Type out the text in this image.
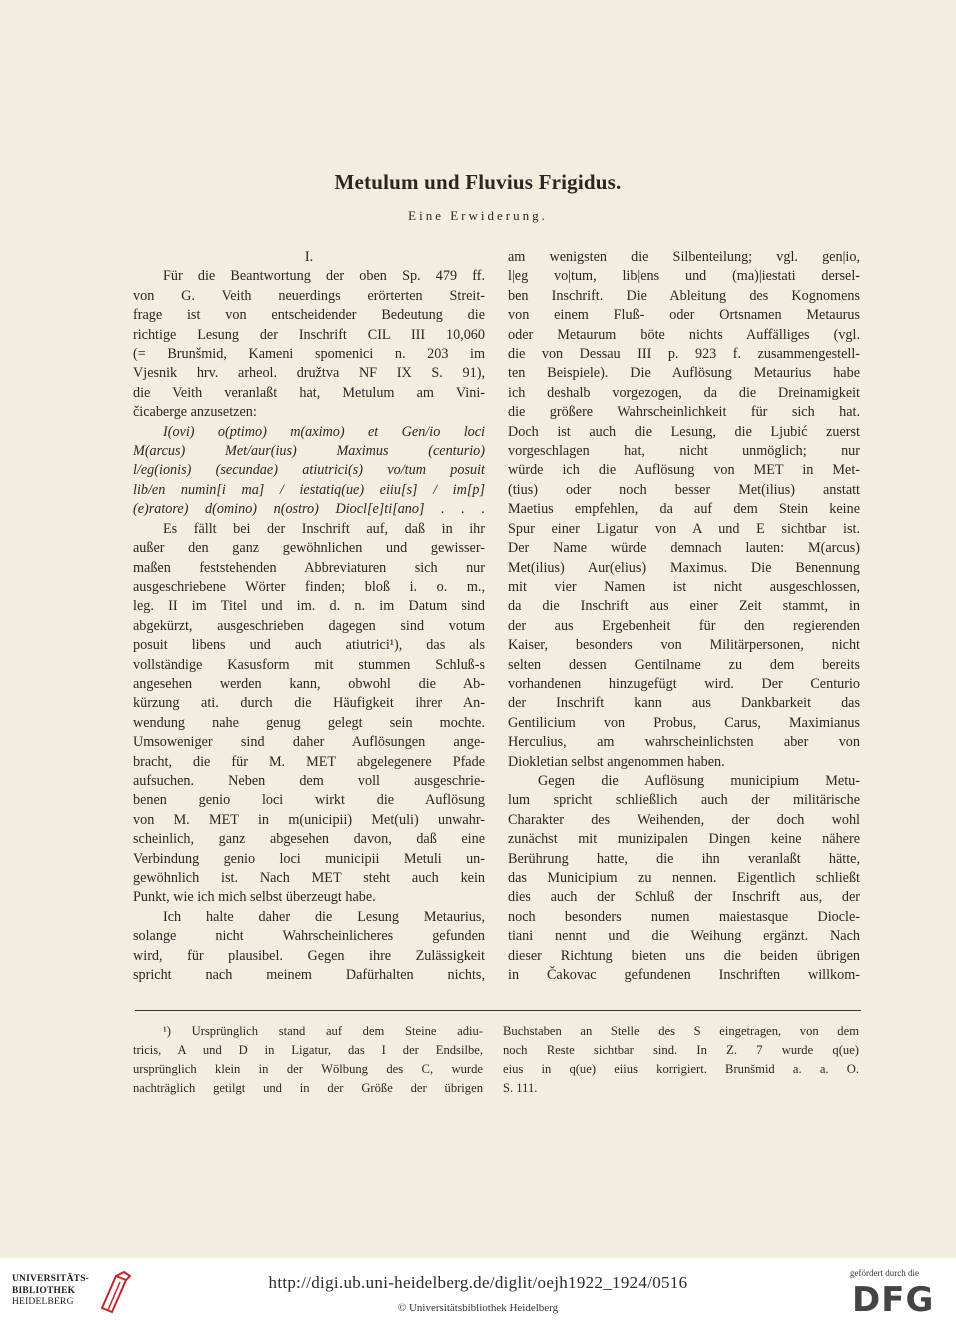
Metulum und Fluvius Frigidus.
Eine Erwiderung.

I.

Für die Beantwortung der oben Sp. 479 ff.

von G. Veith neuerdings erörterten Streit-

frage ist von entscheidender Bedeutung die

richtige Lesung der Inschrift CIL III 10,060

(= Brunšmid, Kameni spomenici n. 203 im

Vjesnik hrv. arheol. družtva NF IX S. 91),

die Veith veranlaßt hat, Metulum am Vini-

čicaberge anzusetzen:

I(ovi) o(ptimo) m(aximo) et Gen/io loci

M(arcus) Met/aur(ius) Maximus (centurio)

l/eg(ionis) (secundae) atiutrici(s) vo/tum posuit

lib/en numin[i ma] / iestatiq(ue) eiiu[s] / im[p]

(e)ratore) d(omino) n(ostro) Diocl[e]ti[ano] . . .

Es fällt bei der Inschrift auf, daß in ihr

außer den ganz gewöhnlichen und gewisser-

maßen feststehenden Abbreviaturen sich nur

ausgeschriebene Wörter finden; bloß i. o. m.,

leg. II im Titel und im. d. n. im Datum sind

abgekürzt, ausgeschrieben dagegen sind votum

posuit libens und auch atiutrici¹), das als

vollständige Kasusform mit stummen Schluß-s

angesehen werden kann, obwohl die Ab-

kürzung ati. durch die Häufigkeit ihrer An-

wendung nahe genug gelegt sein mochte.

Umsoweniger sind daher Auflösungen ange-

bracht, die für M. MET abgelegenere Pfade

aufsuchen. Neben dem voll ausgeschrie-

benen genio loci wirkt die Auflösung

von M. MET in m(unicipii) Met(uli) unwahr-

scheinlich, ganz abgesehen davon, daß eine

Verbindung genio loci municipii Metuli un-

gewöhnlich ist. Nach MET steht auch kein

Punkt, wie ich mich selbst überzeugt habe.

Ich halte daher die Lesung Metaurius,

solange nicht Wahrscheinlicheres gefunden

wird, für plausibel. Gegen ihre Zulässigkeit

spricht nach meinem Dafürhalten nichts,

am wenigsten die Silbenteilung; vgl. gen|io,

l|eg vo|tum, lib|ens und (ma)|iestati dersel-

ben Inschrift. Die Ableitung des Kognomens

von einem Fluß- oder Ortsnamen Metaurus

oder Metaurum böte nichts Auffälliges (vgl.

die von Dessau III p. 923 f. zusammengestell-

ten Beispiele). Die Auflösung Metaurius habe

ich deshalb vorgezogen, da die Dreinamigkeit

die größere Wahrscheinlichkeit für sich hat.

Doch ist auch die Lesung, die Ljubić zuerst

vorgeschlagen hat, nicht unmöglich; nur

würde ich die Auflösung von MET in Met-

(tius) oder noch besser Met(ilius) anstatt

Maetius empfehlen, da auf dem Stein keine

Spur einer Ligatur von A und E sichtbar ist.

Der Name würde demnach lauten: M(arcus)

Met(ilius) Aur(elius) Maximus. Die Benennung

mit vier Namen ist nicht ausgeschlossen,

da die Inschrift aus einer Zeit stammt, in

der aus Ergebenheit für den regierenden

Kaiser, besonders von Militärpersonen, nicht

selten dessen Gentilname zu dem bereits

vorhandenen hinzugefügt wird. Der Centurio

der Inschrift kann aus Dankbarkeit das

Gentilicium von Probus, Carus, Maximianus

Herculius, am wahrscheinlichsten aber von

Diokletian selbst angenommen haben.

Gegen die Auflösung municipium Metu-

lum spricht schließlich auch der militärische

Charakter des Weihenden, der doch wohl

zunächst mit munizipalen Dingen keine nähere

Berührung hatte, die ihn veranlaßt hätte,

das Municipium zu nennen. Eigentlich schließt

dies auch der Schluß der Inschrift aus, der

noch besonders numen maiestasque Diocle-

tiani nennt und die Weihung ergänzt. Nach

dieser Richtung bieten uns die beiden übrigen

in Čakovac gefundenen Inschriften willkom-

¹) Ursprünglich stand auf dem Steine adiu-

tricis, A und D in Ligatur, das I der Endsilbe,

ursprünglich klein in der Wölbung des C, wurde

nachträglich getilgt und in der Größe der übrigen

Buchstaben an Stelle des S eingetragen, von dem

noch Reste sichtbar sind. In Z. 7 wurde q(ue)

eius in q(ue) eiius korrigiert. Brunšmid a. a. O.

S. 111.

UNIVERSITÄTS-
BIBLIOTHEK
HEIDELBERG
http://digi.ub.uni-heidelberg.de/diglit/oejh1922_1924/0516
© Universitätsbibliothek Heidelberg
gefördert durch die
DFG
